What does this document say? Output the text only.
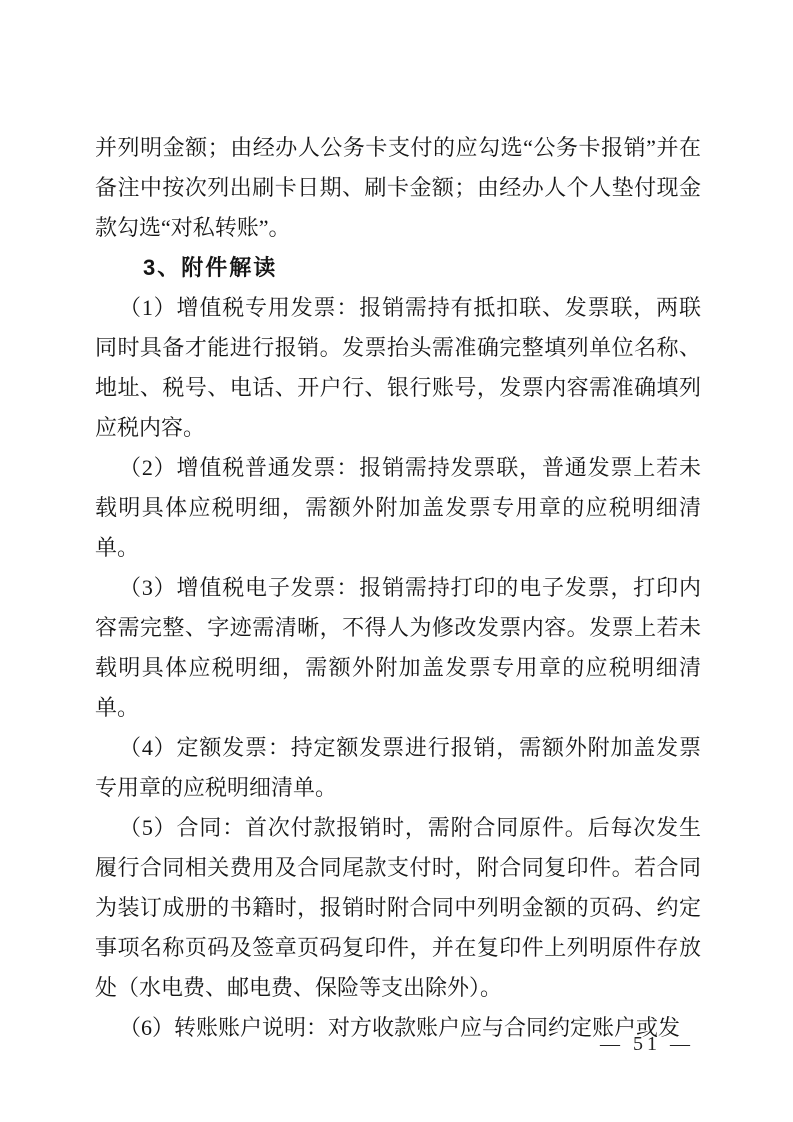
并列明金额；由经办人公务卡支付的应勾选“公务卡报销”并在备注中按次列出刷卡日期、刷卡金额；由经办人个人垫付现金款勾选“对私转账”。

3、附件解读

（1）增值税专用发票：报销需持有抵扣联、发票联，两联同时具备才能进行报销。发票抬头需准确完整填列单位名称、地址、税号、电话、开户行、银行账号，发票内容需准确填列应税内容。

（2）增值税普通发票：报销需持发票联，普通发票上若未载明具体应税明细，需额外附加盖发票专用章的应税明细清单。

（3）增值税电子发票：报销需持打印的电子发票，打印内容需完整、字迹需清晰，不得人为修改发票内容。发票上若未载明具体应税明细，需额外附加盖发票专用章的应税明细清单。

（4）定额发票：持定额发票进行报销，需额外附加盖发票专用章的应税明细清单。

（5）合同：首次付款报销时，需附合同原件。后每次发生履行合同相关费用及合同尾款支付时，附合同复印件。若合同为装订成册的书籍时，报销时附合同中列明金额的页码、约定事项名称页码及签章页码复印件，并在复印件上列明原件存放处（水电费、邮电费、保险等支出除外）。

（6）转账账户说明：对方收款账户应与合同约定账户或发

— 51 —
